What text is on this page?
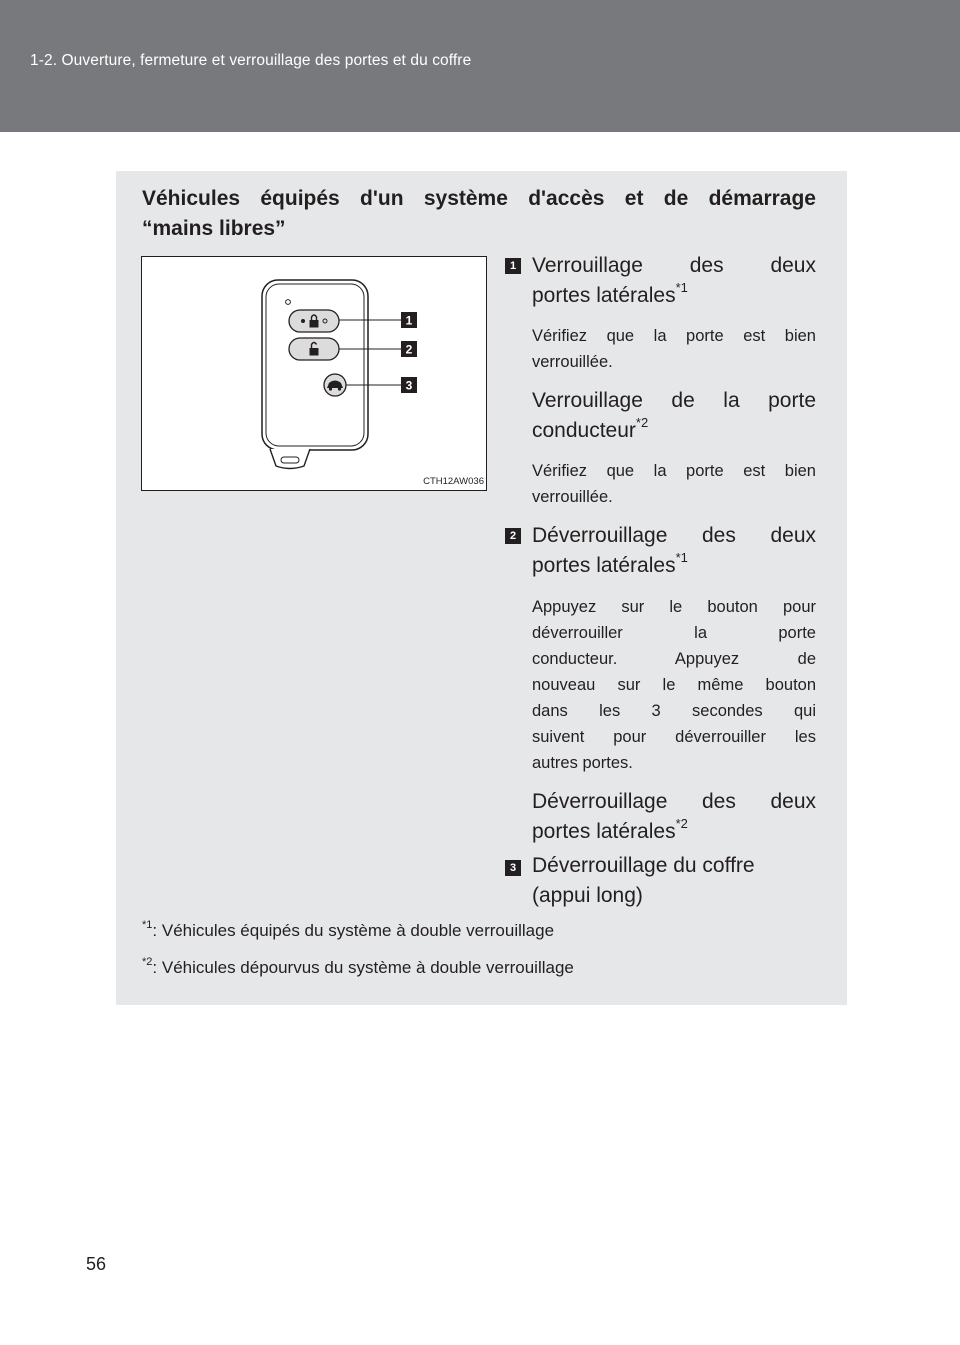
1-2. Ouverture, fermeture et verrouillage des portes et du coffre
Véhicules équipés d'un système d'accès et de démarrage
“mains libres”
1
2
3
CTH12AW036
1 Verrouillage des deux
portes latérales$^{*1}$
Vérifiez que la porte est bien
verrouillée.
Verrouillage de la porte
conducteur$^{*2}$
Vérifiez que la porte est bien
verrouillée.
2 Déverrouillage des deux
portes latérales$^{*1}$
Appuyez sur le bouton pour
déverrouiller la porte
conducteur. Appuyez de
nouveau sur le même bouton
dans les 3 secondes qui
suivent pour déverrouiller les
autres portes.
Déverrouillage des deux
portes latérales$^{*2}$
3 Déverrouillage du coffre
(appui long)
$^{*1}$: Véhicules équipés du système à double verrouillage
$^{*2}$: Véhicules dépourvus du système à double verrouillage
56
